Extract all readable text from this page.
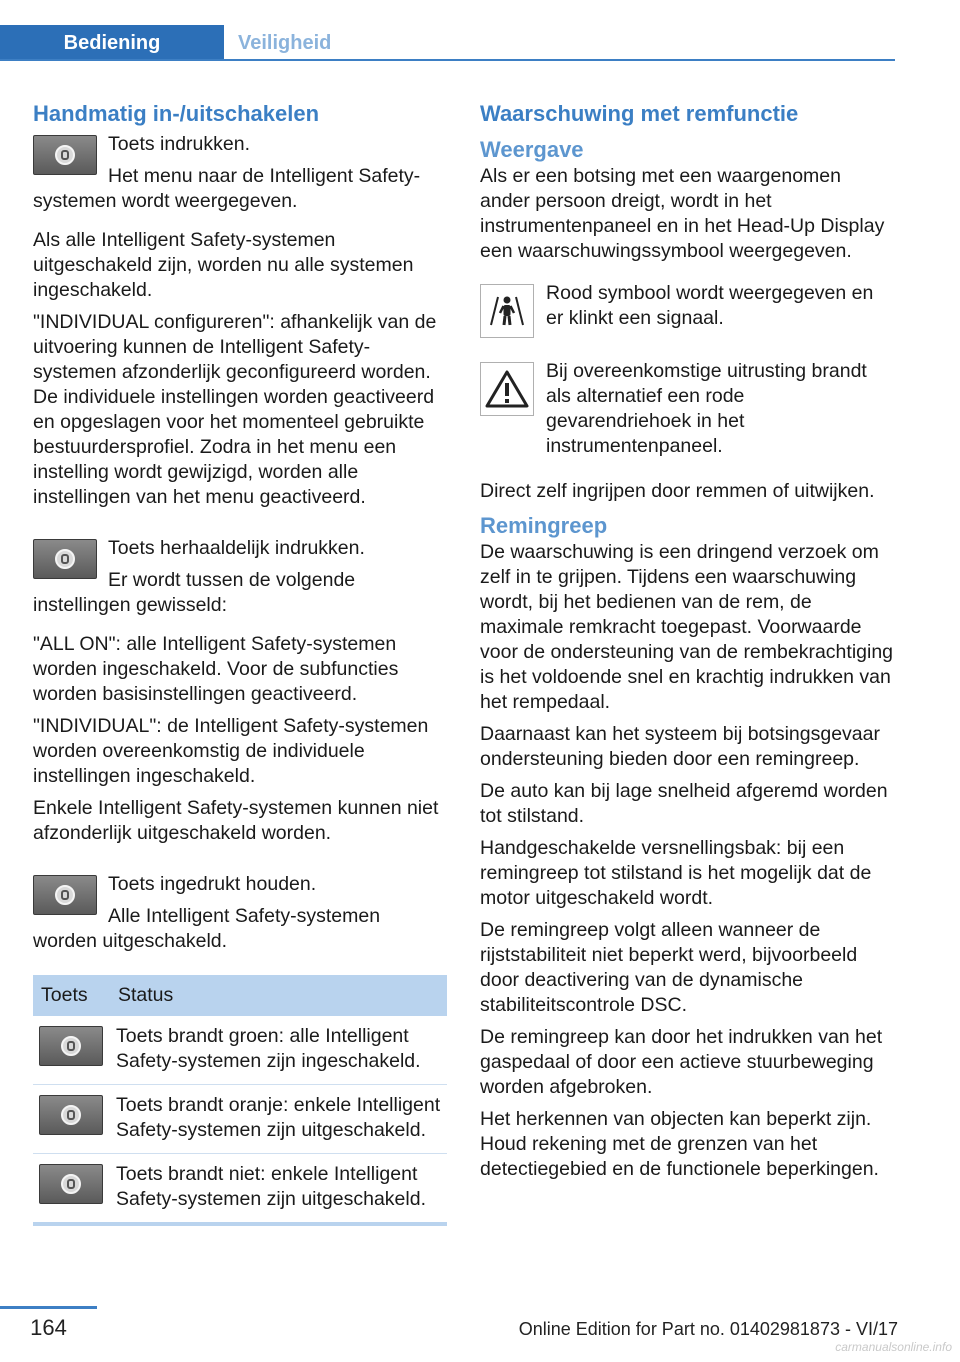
Bediening	Veiligheid
Handmatig in-/uitschakelen

Toets indrukken.

Het menu naar de Intelligent Safety-systemen wordt weergegeven.

Als alle Intelligent Safety-systemen uitgeschakeld zijn, worden nu alle systemen ingeschakeld.

"INDIVIDUAL configureren": afhankelijk van de uitvoering kunnen de Intelligent Safety-systemen afzonderlijk geconfigureerd worden. De individuele instellingen worden geactiveerd en opgeslagen voor het momenteel gebruikte bestuurdersprofiel. Zodra in het menu een instelling wordt gewijzigd, worden alle instellingen van het menu geactiveerd.

Toets herhaaldelijk indrukken.

Er wordt tussen de volgende instellingen gewisseld:

"ALL ON": alle Intelligent Safety-systemen worden ingeschakeld. Voor de subfuncties worden basisinstellingen geactiveerd.

"INDIVIDUAL": de Intelligent Safety-systemen worden overeenkomstig de individuele instellingen ingeschakeld.

Enkele Intelligent Safety-systemen kunnen niet afzonderlijk uitgeschakeld worden.

Toets ingedrukt houden.

Alle Intelligent Safety-systemen worden uitgeschakeld.

Toets	Status

	Toets brandt groen: alle Intelligent Safety-systemen zijn ingeschakeld.

	Toets brandt oranje: enkele Intelligent Safety-systemen zijn uitgeschakeld.

	Toets brandt niet: enkele Intelligent Safety-systemen zijn uitgeschakeld.
Waarschuwing met remfunctie
Weergave

Als er een botsing met een waargenomen ander persoon dreigt, wordt in het instrumentenpaneel en in het Head-Up Display een waarschuwingssymbool weergegeven.

Rood symbool wordt weergegeven en er klinkt een signaal.

Bij overeenkomstige uitrusting brandt als alternatief een rode gevarendriehoek in het instrumentenpaneel.

Direct zelf ingrijpen door remmen of uitwijken.

Remingreep

De waarschuwing is een dringend verzoek om zelf in te grijpen. Tijdens een waarschuwing wordt, bij het bedienen van de rem, de maximale remkracht toegepast. Voorwaarde voor de ondersteuning van de rembekrachtiging is het voldoende snel en krachtig indrukken van het rempedaal.

Daarnaast kan het systeem bij botsingsgevaar ondersteuning bieden door een remingreep.

De auto kan bij lage snelheid afgeremd worden tot stilstand.

Handgeschakelde versnellingsbak: bij een remingreep tot stilstand is het mogelijk dat de motor uitgeschakeld wordt.

De remingreep volgt alleen wanneer de rijststabiliteit niet beperkt werd, bijvoorbeeld door deactivering van de dynamische stabiliteitscontrole DSC.

De remingreep kan door het indrukken van het gaspedaal of door een actieve stuurbeweging worden afgebroken.

Het herkennen van objecten kan beperkt zijn. Houd rekening met de grenzen van het detectiegebied en de functionele beperkingen.

164	Online Edition for Part no. 01402981873 - VI/17
carmanualsonline.info
